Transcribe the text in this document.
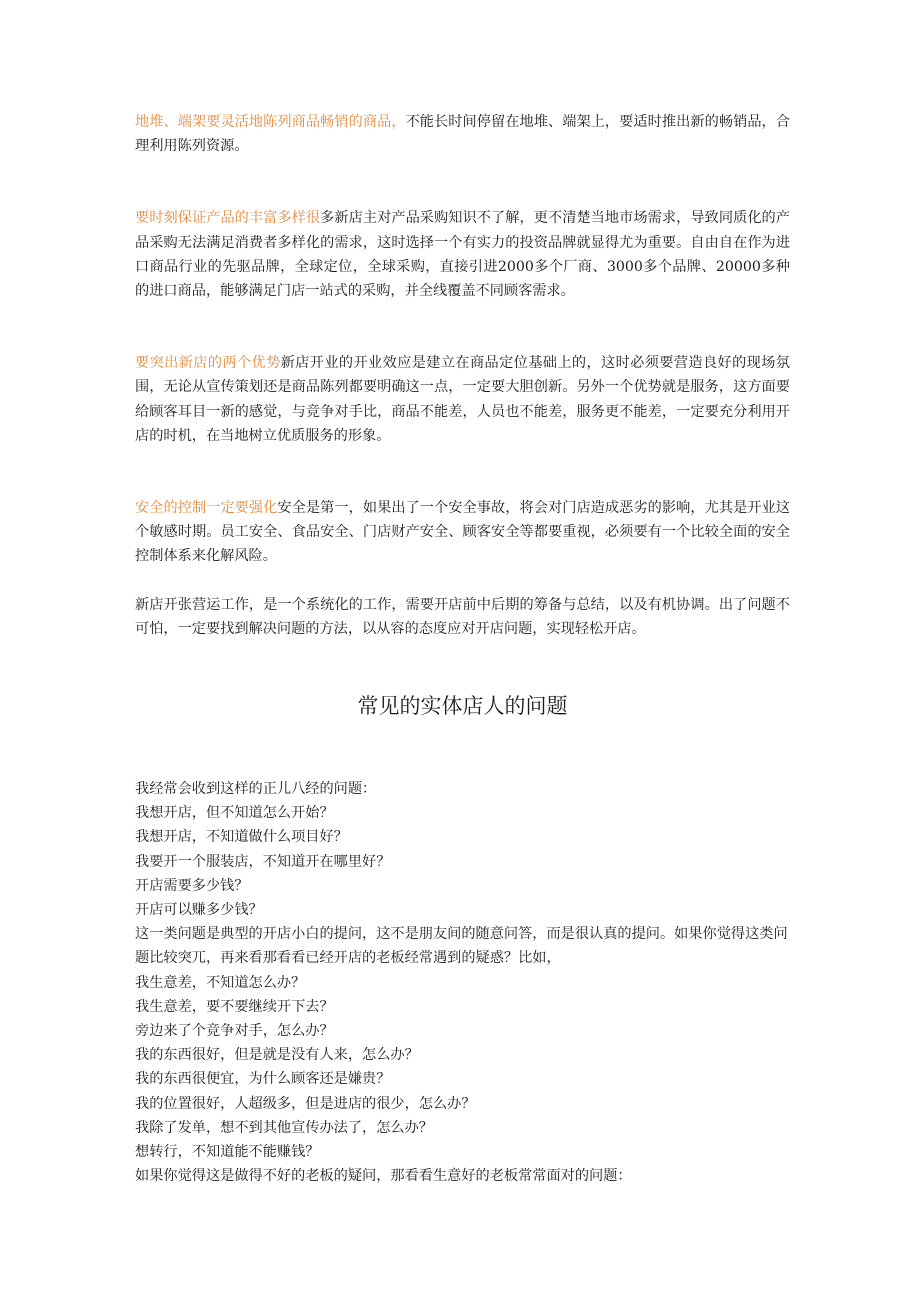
地堆、端架要灵活地陈列商品畅销的商品，不能长时间停留在地堆、端架上，要适时推出新的畅销品，合理利用陈列资源。

要时刻保证产品的丰富多样很多新店主对产品采购知识不了解，更不清楚当地市场需求，导致同质化的产品采购无法满足消费者多样化的需求，这时选择一个有实力的投资品牌就显得尤为重要。自由自在作为进口商品行业的先驱品牌，全球定位，全球采购，直接引进2000多个厂商、3000多个品牌、20000多种的进口商品，能够满足门店一站式的采购，并全线覆盖不同顾客需求。

要突出新店的两个优势新店开业的开业效应是建立在商品定位基础上的，这时必须要营造良好的现场氛围，无论从宣传策划还是商品陈列都要明确这一点，一定要大胆创新。另外一个优势就是服务，这方面要给顾客耳目一新的感觉，与竞争对手比，商品不能差，人员也不能差，服务更不能差，一定要充分利用开店的时机，在当地树立优质服务的形象。

安全的控制一定要强化安全是第一，如果出了一个安全事故，将会对门店造成恶劣的影响，尤其是开业这个敏感时期。员工安全、食品安全、门店财产安全、顾客安全等都要重视，必须要有一个比较全面的安全控制体系来化解风险。

新店开张营运工作，是一个系统化的工作，需要开店前中后期的筹备与总结，以及有机协调。出了问题不可怕，一定要找到解决问题的方法，以从容的态度应对开店问题，实现轻松开店。

常见的实体店人的问题
我经常会收到这样的正儿八经的问题：
我想开店，但不知道怎么开始？
我想开店，不知道做什么项目好？
我要开一个服装店，不知道开在哪里好？
开店需要多少钱？
开店可以赚多少钱？
这一类问题是典型的开店小白的提问，这不是朋友间的随意问答，而是很认真的提问。如果你觉得这类问题比较突兀，再来看那看看已经开店的老板经常遇到的疑惑？比如，
我生意差，不知道怎么办？
我生意差，要不要继续开下去？
旁边来了个竞争对手，怎么办？
我的东西很好，但是就是没有人来，怎么办？
我的东西很便宜，为什么顾客还是嫌贵？
我的位置很好，人超级多，但是进店的很少，怎么办？
我除了发单，想不到其他宣传办法了，怎么办？
想转行，不知道能不能赚钱？
如果你觉得这是做得不好的老板的疑问，那看看生意好的老板常常面对的问题：
